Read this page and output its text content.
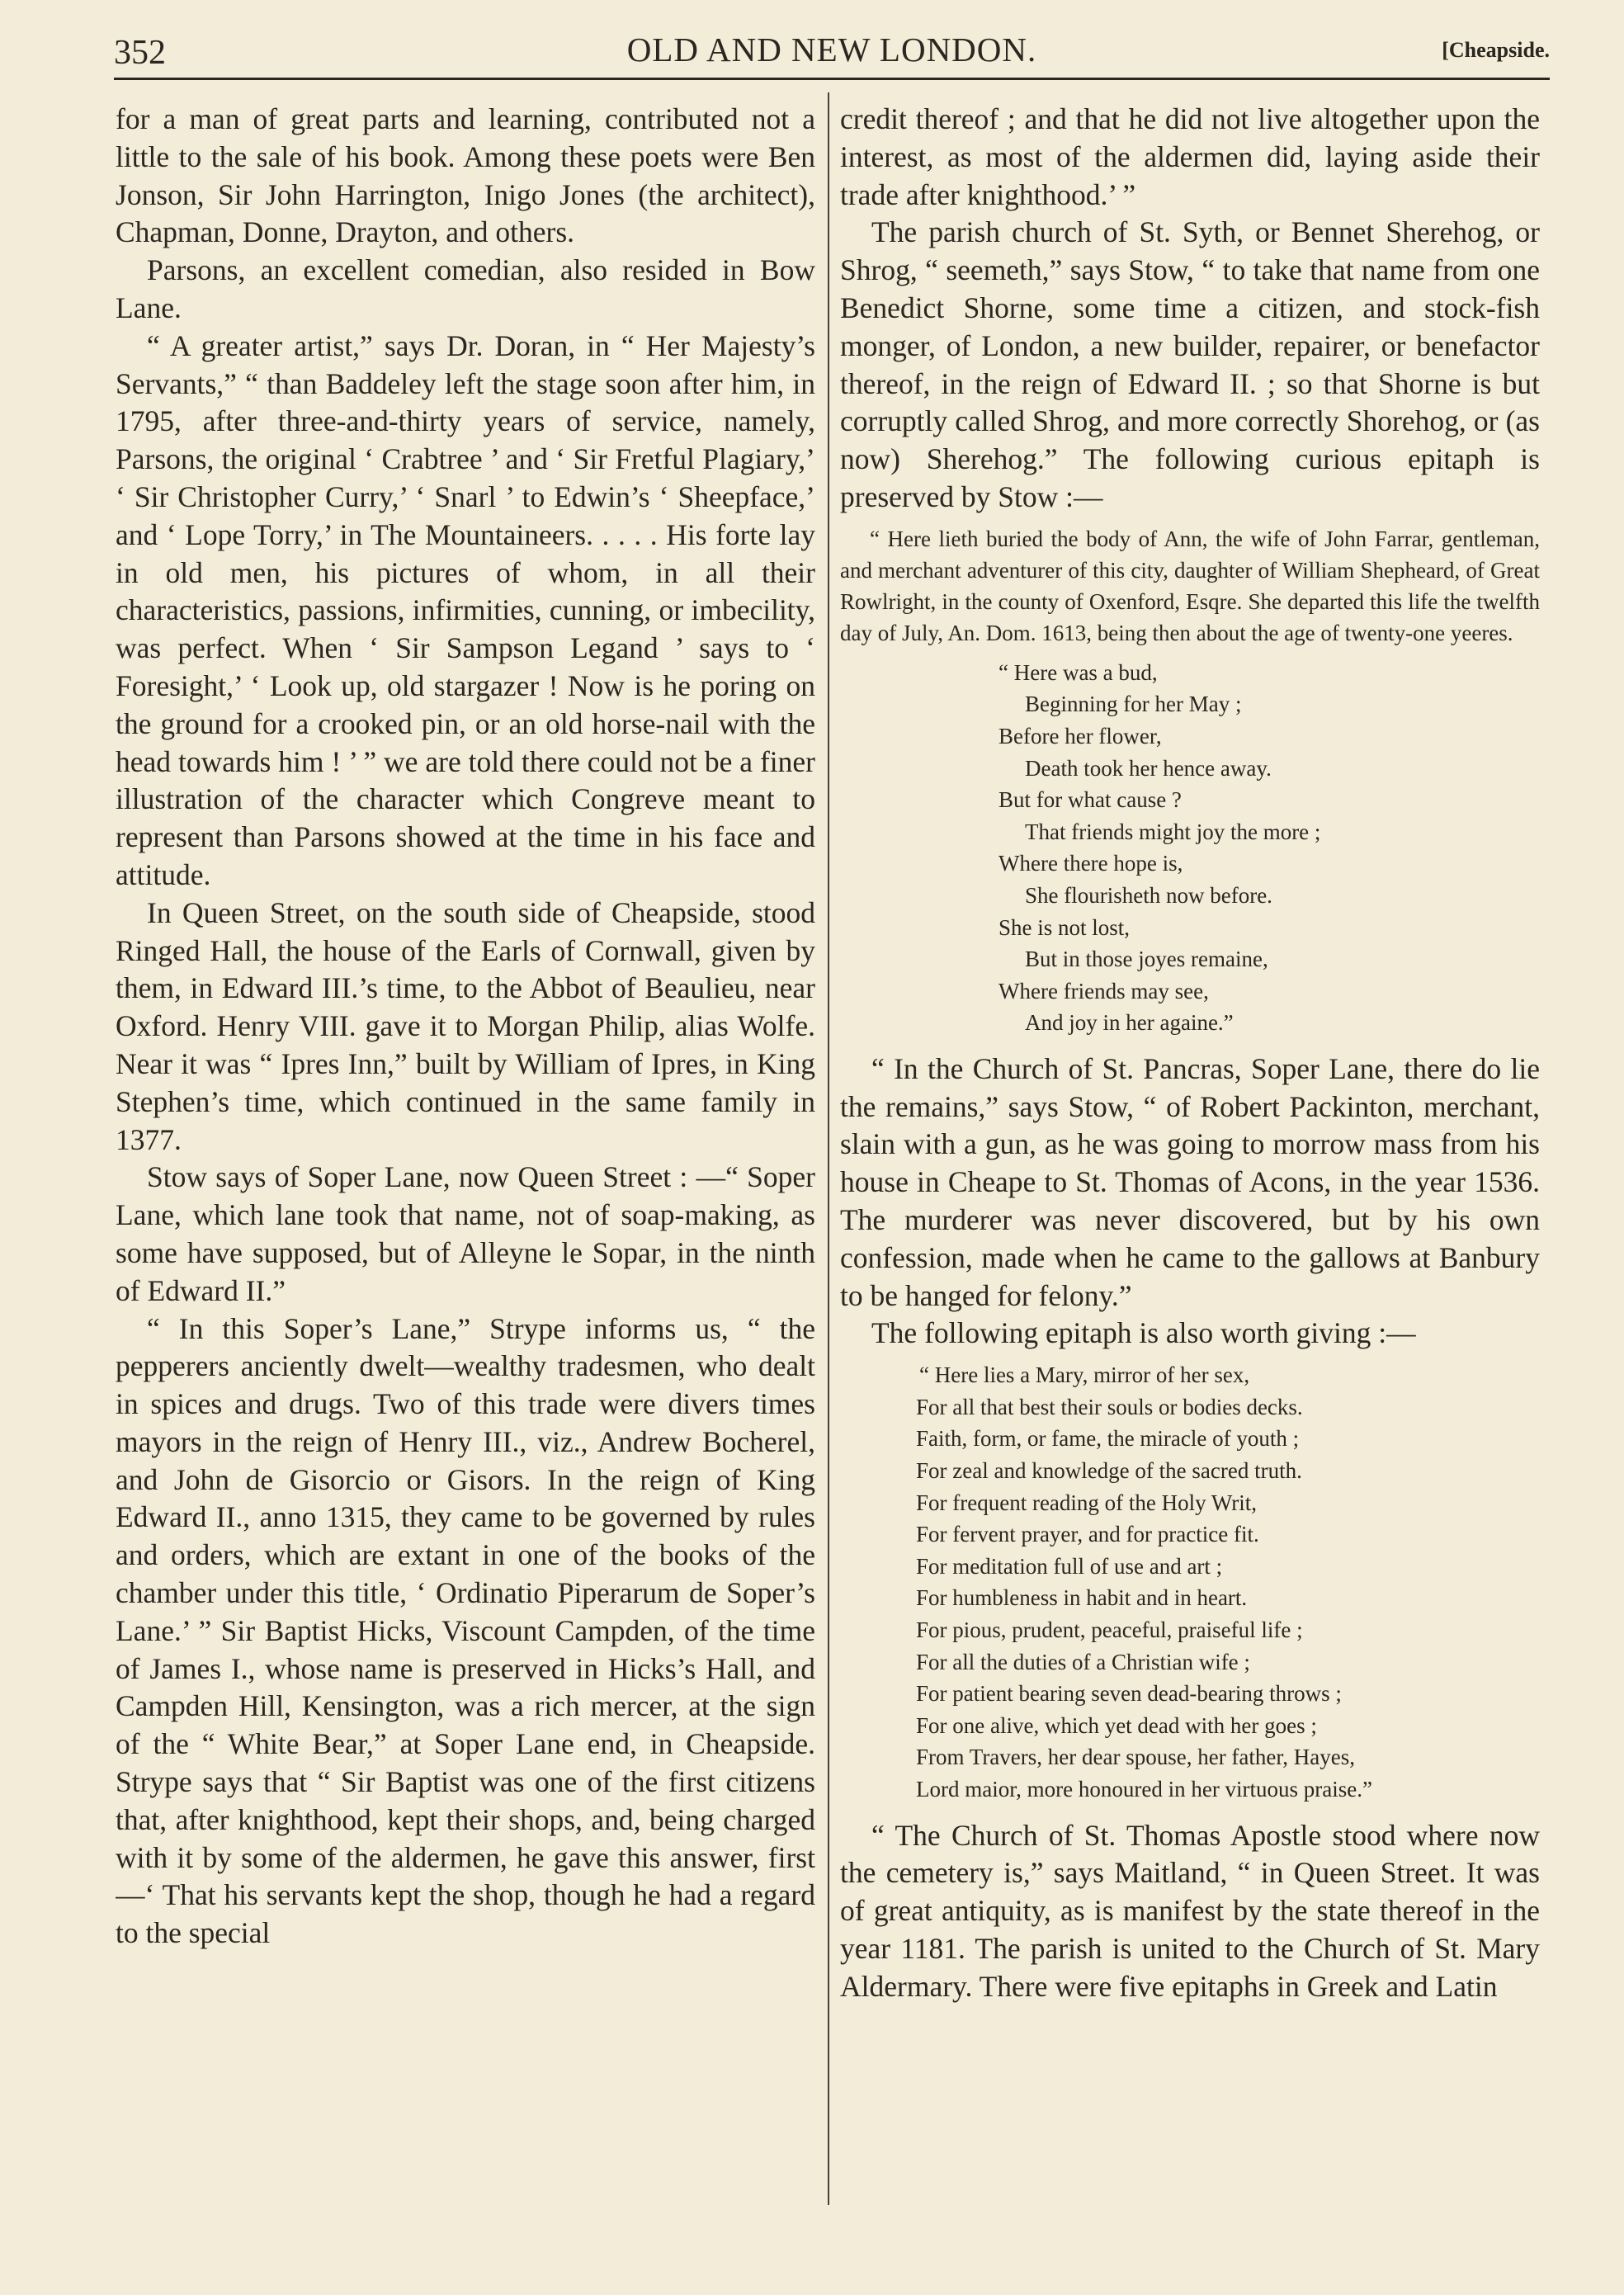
352	OLD AND NEW LONDON.	[Cheapside.

for a man of great parts and learning, contributed not a little to the sale of his book. Among these poets were Ben Jonson, Sir John Harrington, Inigo Jones (the architect), Chapman, Donne, Drayton, and others.

Parsons, an excellent comedian, also resided in Bow Lane.

“ A greater artist,” says Dr. Doran, in “ Her Majesty’s Servants,” “ than Baddeley left the stage soon after him, in 1795, after three-and-thirty years of service, namely, Parsons, the original ‘ Crabtree ’ and ‘ Sir Fretful Plagiary,’ ‘ Sir Christopher Curry,’ ‘ Snarl ’ to Edwin’s ‘ Sheepface,’ and ‘ Lope Torry,’ in The Mountaineers. . . . . His forte lay in old men, his pictures of whom, in all their characteristics, passions, infirmities, cunning, or imbecility, was perfect. When ‘ Sir Sampson Legand ’ says to ‘ Foresight,’ ‘ Look up, old stargazer ! Now is he poring on the ground for a crooked pin, or an old horse-nail with the head towards him ! ’ ” we are told there could not be a finer illustration of the character which Congreve meant to represent than Parsons showed at the time in his face and attitude.

In Queen Street, on the south side of Cheapside, stood Ringed Hall, the house of the Earls of Cornwall, given by them, in Edward III.’s time, to the Abbot of Beaulieu, near Oxford. Henry VIII. gave it to Morgan Philip, alias Wolfe. Near it was “ Ipres Inn,” built by William of Ipres, in King Stephen’s time, which continued in the same family in 1377.

Stow says of Soper Lane, now Queen Street : —“ Soper Lane, which lane took that name, not of soap-making, as some have supposed, but of Alleyne le Sopar, in the ninth of Edward II.”

“ In this Soper’s Lane,” Strype informs us, “ the pepperers anciently dwelt—wealthy tradesmen, who dealt in spices and drugs. Two of this trade were divers times mayors in the reign of Henry III., viz., Andrew Bocherel, and John de Gisorcio or Gisors. In the reign of King Edward II., anno 1315, they came to be governed by rules and orders, which are extant in one of the books of the chamber under this title, ‘ Ordinatio Piperarum de Soper’s Lane.’ ” Sir Baptist Hicks, Viscount Campden, of the time of James I., whose name is preserved in Hicks’s Hall, and Campden Hill, Kensington, was a rich mercer, at the sign of the “ White Bear,” at Soper Lane end, in Cheapside. Strype says that “ Sir Baptist was one of the first citizens that, after knighthood, kept their shops, and, being charged with it by some of the aldermen, he gave this answer, first—‘ That his servants kept the shop, though he had a regard to the special

credit thereof ; and that he did not live altogether upon the interest, as most of the aldermen did, laying aside their trade after knighthood.’ ”

The parish church of St. Syth, or Bennet Sherehog, or Shrog, “ seemeth,” says Stow, “ to take that name from one Benedict Shorne, some time a citizen, and stock-fish monger, of London, a new builder, repairer, or benefactor thereof, in the reign of Edward II. ; so that Shorne is but corruptly called Shrog, and more correctly Shorehog, or (as now) Sherehog.” The following curious epitaph is preserved by Stow :—

“ Here lieth buried the body of Ann, the wife of John Farrar, gentleman, and merchant adventurer of this city, daughter of William Shepheard, of Great Rowlright, in the county of Oxenford, Esqre. She departed this life the twelfth day of July, An. Dom. 1613, being then about the age of twenty-one yeeres.
“ Here was a bud,
Beginning for her May ;
Before her flower,
Death took her hence away.
But for what cause ?
That friends might joy the more ;
Where there hope is,
She flourisheth now before.
She is not lost,
But in those joyes remaine,
Where friends may see,
And joy in her againe.”

“ In the Church of St. Pancras, Soper Lane, there do lie the remains,” says Stow, “ of Robert Packinton, merchant, slain with a gun, as he was going to morrow mass from his house in Cheape to St. Thomas of Acons, in the year 1536. The murderer was never discovered, but by his own confession, made when he came to the gallows at Banbury to be hanged for felony.”

The following epitaph is also worth giving :—

“ Here lies a Mary, mirror of her sex,
For all that best their souls or bodies decks.
Faith, form, or fame, the miracle of youth ;
For zeal and knowledge of the sacred truth.
For frequent reading of the Holy Writ,
For fervent prayer, and for practice fit.
For meditation full of use and art ;
For humbleness in habit and in heart.
For pious, prudent, peaceful, praiseful life ;
For all the duties of a Christian wife ;
For patient bearing seven dead-bearing throws ;
For one alive, which yet dead with her goes ;
From Travers, her dear spouse, her father, Hayes,
Lord maior, more honoured in her virtuous praise.”

“ The Church of St. Thomas Apostle stood where now the cemetery is,” says Maitland, “ in Queen Street. It was of great antiquity, as is manifest by the state thereof in the year 1181. The parish is united to the Church of St. Mary Aldermary. There were five epitaphs in Greek and Latin
